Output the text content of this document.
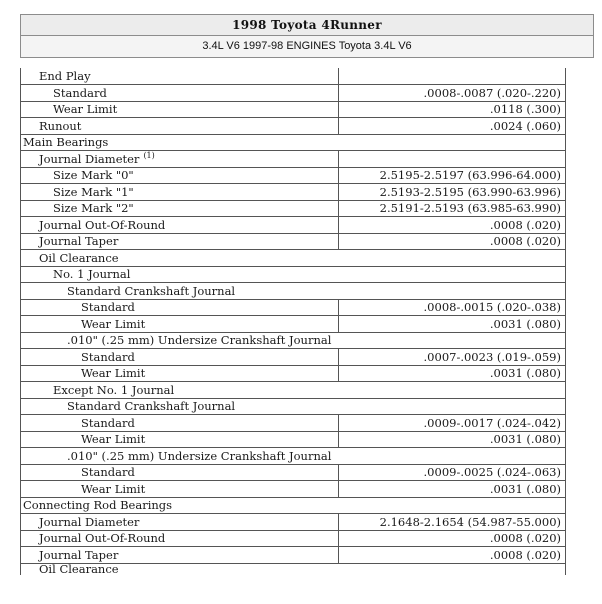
1998 Toyota 4Runner
3.4L V6 1997-98 ENGINES Toyota 3.4L V6
End Play	
Standard	.0008-.0087 (.020-.220)
Wear Limit	.0118 (.300)
Runout	.0024 (.060)
Main Bearings	
Journal Diameter $^{(1)}$	
Size Mark "0"	2.5195-2.5197 (63.996-64.000)
Size Mark "1"	2.5193-2.5195 (63.990-63.996)
Size Mark "2"	2.5191-2.5193 (63.985-63.990)
Journal Out-Of-Round	.0008 (.020)
Journal Taper	.0008 (.020)
Oil Clearance	
No. 1 Journal	
Standard Crankshaft Journal	
Standard	.0008-.0015 (.020-.038)
Wear Limit	.0031 (.080)
.010" (.25 mm) Undersize Crankshaft Journal	
Standard	.0007-.0023 (.019-.059)
Wear Limit	.0031 (.080)
Except No. 1 Journal	
Standard Crankshaft Journal	
Standard	.0009-.0017 (.024-.042)
Wear Limit	.0031 (.080)
.010" (.25 mm) Undersize Crankshaft Journal	
Standard	.0009-.0025 (.024-.063)
Wear Limit	.0031 (.080)
Connecting Rod Bearings	
Journal Diameter	2.1648-2.1654 (54.987-55.000)
Journal Out-Of-Round	.0008 (.020)
Journal Taper	.0008 (.020)
Oil Clearance	
